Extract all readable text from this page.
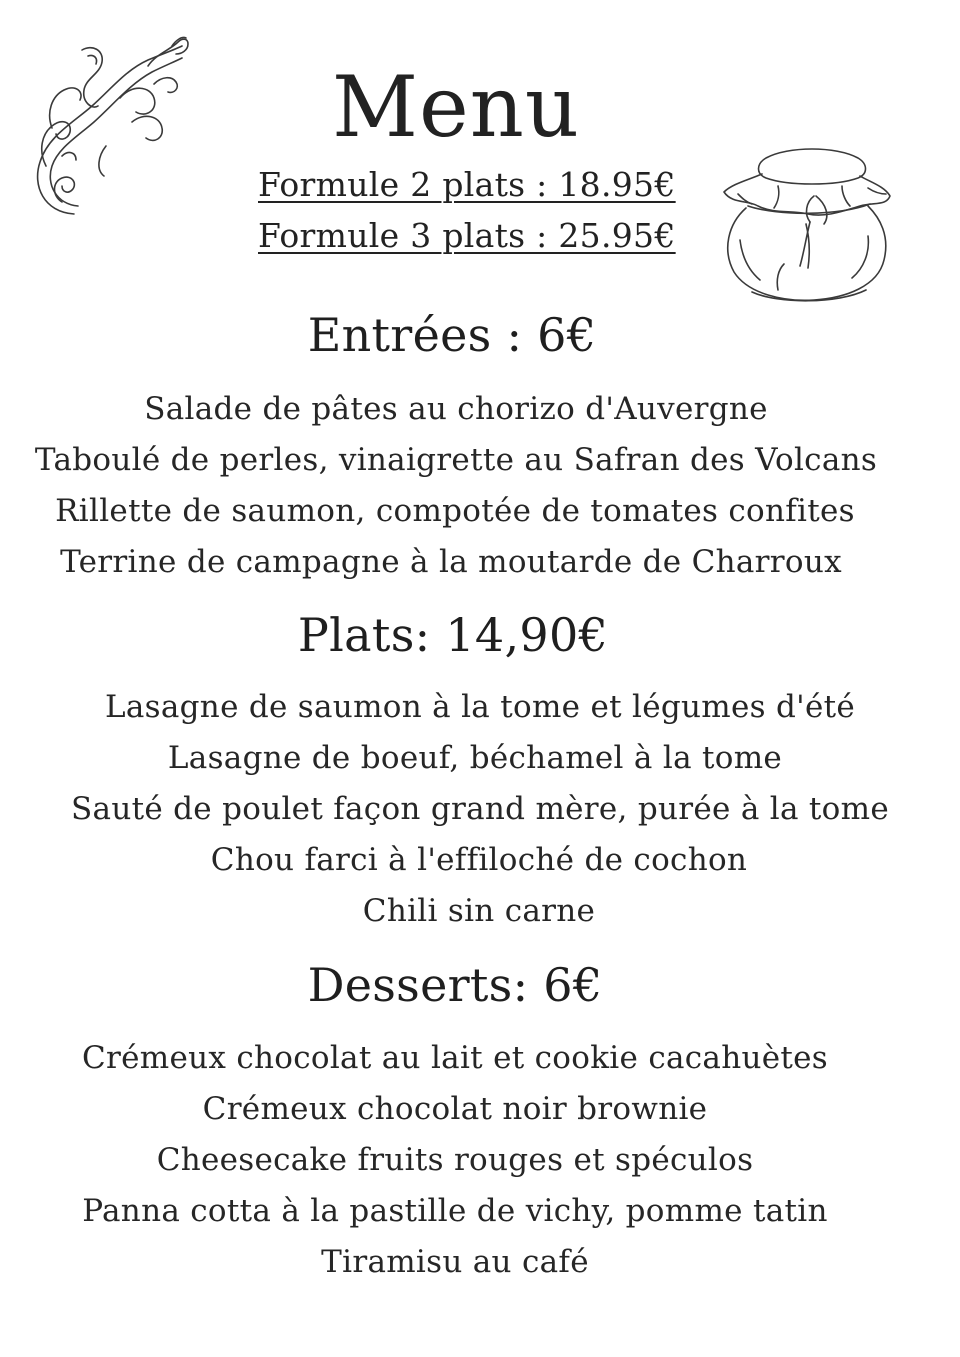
Menu
Formule 2 plats : 18.95€
Formule 3 plats : 25.95€
Entrées : 6€
Salade de pâtes au chorizo d'Auvergne
Taboulé de perles, vinaigrette au Safran des Volcans
Rillette de saumon, compotée de tomates confites
Terrine de campagne à la moutarde de Charroux
Plats: 14,90€
Lasagne de saumon à la tome et légumes d'été
Lasagne de boeuf, béchamel à la tome
Sauté de poulet façon grand mère, purée à la tome
Chou farci à l'effiloché de cochon
Chili sin carne
Desserts: 6€
Crémeux chocolat au lait et cookie cacahuètes
Crémeux chocolat noir brownie
Cheesecake fruits rouges et spéculos
Panna cotta à la pastille de vichy, pomme tatin
Tiramisu au café
